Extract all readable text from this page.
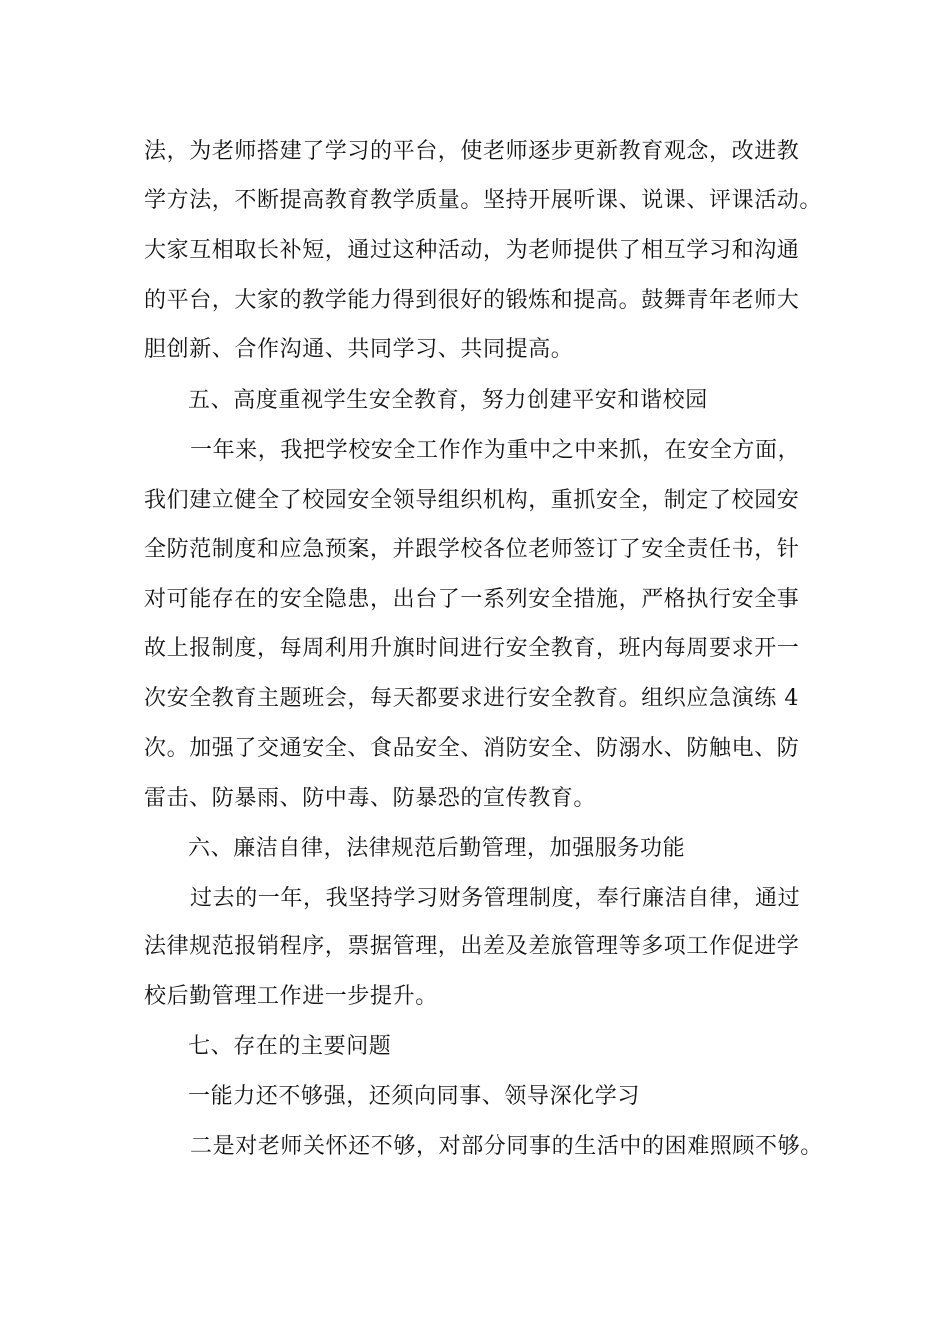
法，为老师搭建了学习的平台，使老师逐步更新教育观念，改进教

学方法，不断提高教育教学质量。坚持开展听课、说课、评课活动。

大家互相取长补短，通过这种活动，为老师提供了相互学习和沟通

的平台，大家的教学能力得到很好的锻炼和提高。鼓舞青年老师大

胆创新、合作沟通、共同学习、共同提高。

五、高度重视学生安全教育，努力创建平安和谐校园

一年来，我把学校安全工作作为重中之中来抓，在安全方面，

我们建立健全了校园安全领导组织机构，重抓安全，制定了校园安

全防范制度和应急预案，并跟学校各位老师签订了安全责任书，针

对可能存在的安全隐患，出台了一系列安全措施，严格执行安全事

故上报制度，每周利用升旗时间进行安全教育，班内每周要求开一

次安全教育主题班会，每天都要求进行安全教育。组织应急演练 4

次。加强了交通安全、食品安全、消防安全、防溺水、防触电、防

雷击、防暴雨、防中毒、防暴恐的宣传教育。

六、廉洁自律，法律规范后勤管理，加强服务功能

过去的一年，我坚持学习财务管理制度，奉行廉洁自律，通过

法律规范报销程序，票据管理，出差及差旅管理等多项工作促进学

校后勤管理工作进一步提升。

七、存在的主要问题

一能力还不够强，还须向同事、领导深化学习

二是对老师关怀还不够，对部分同事的生活中的困难照顾不够。
